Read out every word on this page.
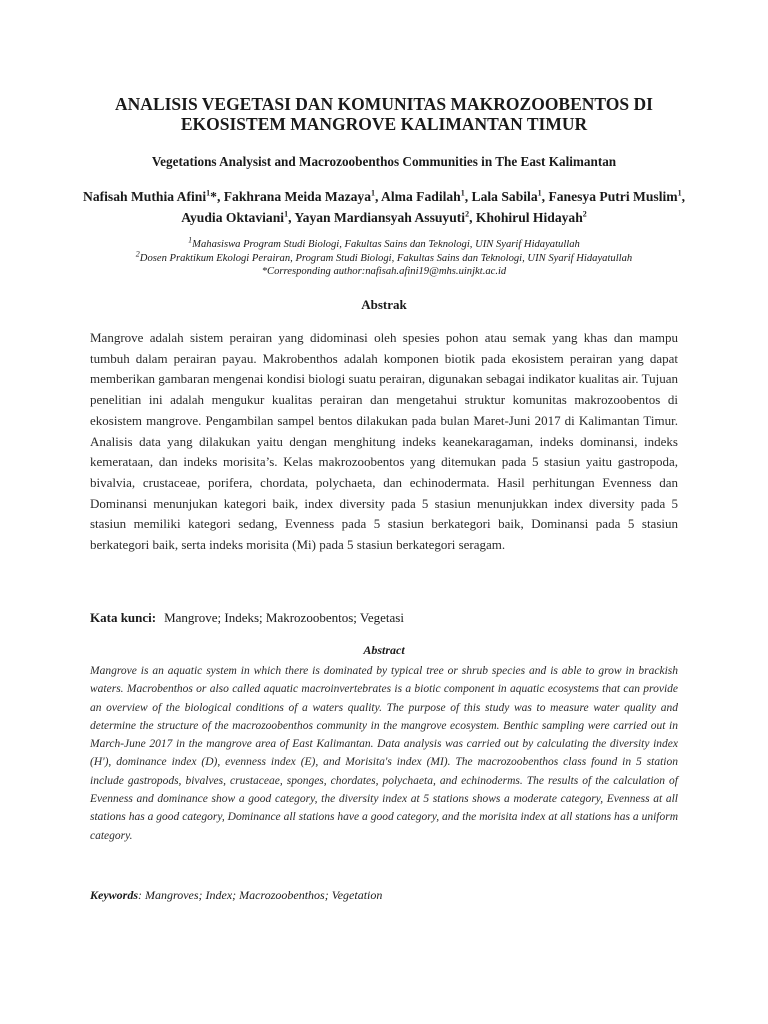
ANALISIS VEGETASI DAN KOMUNITAS MAKROZOOBENTOS DI
EKOSISTEM MANGROVE KALIMANTAN TIMUR
Vegetations Analysist and Macrozoobenthos Communities in The East Kalimantan
Nafisah Muthia Afini$^1$*, Fakhrana Meida Mazaya$^1$, Alma Fadilah$^1$, Lala Sabila$^1$, Fanesya Putri Muslim$^1$, Ayudia Oktaviani$^1$, Yayan Mardiansyah Assuyuti$^2$, Khohirul Hidayah$^2$
$^1$Mahasiswa Program Studi Biologi, Fakultas Sains dan Teknologi, UIN Syarif Hidayatullah
$^2$Dosen Praktikum Ekologi Perairan, Program Studi Biologi, Fakultas Sains dan Teknologi, UIN Syarif Hidayatullah
*Corresponding author:nafisah.afini19@mhs.uinjkt.ac.id
Abstrak
Mangrove adalah sistem perairan yang didominasi oleh spesies pohon atau semak yang khas dan mampu tumbuh dalam perairan payau. Makrobenthos adalah komponen biotik pada ekosistem perairan yang dapat memberikan gambaran mengenai kondisi biologi suatu perairan, digunakan sebagai indikator kualitas air. Tujuan penelitian ini adalah mengukur kualitas perairan dan mengetahui struktur komunitas makrozoobentos di ekosistem mangrove. Pengambilan sampel bentos dilakukan pada bulan Maret-Juni 2017 di Kalimantan Timur. Analisis data yang dilakukan yaitu dengan menghitung indeks keanekaragaman, indeks dominansi, indeks kemerataan, dan indeks morisita’s. Kelas makrozoobentos yang ditemukan pada 5 stasiun yaitu gastropoda, bivalvia, crustaceae, porifera, chordata, polychaeta, dan echinodermata. Hasil perhitungan Evenness dan Dominansi menunjukan kategori baik, index diversity pada 5 stasiun menunjukkan index diversity pada 5 stasiun memiliki kategori sedang, Evenness pada 5 stasiun berkategori baik, Dominansi pada 5 stasiun berkategori baik, serta indeks morisita (Mi) pada 5 stasiun berkategori seragam.
Kata kunci: Mangrove; Indeks; Makrozoobentos; Vegetasi
Abstract
Mangrove is an aquatic system in which there is dominated by typical tree or shrub species and is able to grow in brackish waters. Macrobenthos or also called aquatic macroinvertebrates is a biotic component in aquatic ecosystems that can provide an overview of the biological conditions of a waters quality. The purpose of this study was to measure water quality and determine the structure of the macrozoobenthos community in the mangrove ecosystem. Benthic sampling were carried out in March-June 2017 in the mangrove area of East Kalimantan. Data analysis was carried out by calculating the diversity index (H'), dominance index (D), evenness index (E), and Morisita's index (MI). The macrozoobenthos class found in 5 station include gastropods, bivalves, crustaceae, sponges, chordates, polychaeta, and echinoderms. The results of the calculation of Evenness and dominance show a good category, the diversity index at 5 stations shows a moderate category, Evenness at all stations has a good category, Dominance all stations have a good category, and the morisita index at all stations has a uniform category.
Keywords: Mangroves; Index; Macrozoobenthos; Vegetation
